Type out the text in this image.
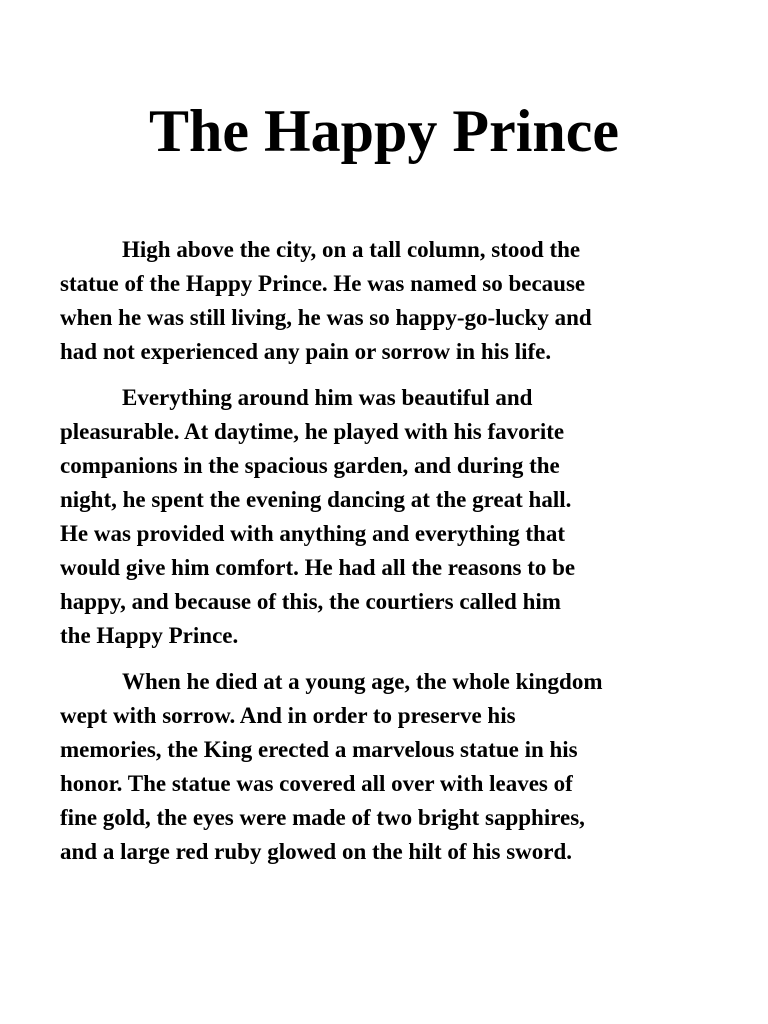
The Happy Prince

High above the city, on a tall column, stood the
statue of the Happy Prince. He was named so because
when he was still living, he was so happy-go-lucky and
had not experienced any pain or sorrow in his life.

Everything around him was beautiful and
pleasurable. At daytime, he played with his favorite
companions in the spacious garden, and during the
night, he spent the evening dancing at the great hall.
He was provided with anything and everything that
would give him comfort. He had all the reasons to be
happy, and because of this, the courtiers called him
the Happy Prince.

When he died at a young age, the whole kingdom
wept with sorrow. And in order to preserve his
memories, the King erected a marvelous statue in his
honor. The statue was covered all over with leaves of
fine gold, the eyes were made of two bright sapphires,
and a large red ruby glowed on the hilt of his sword.
